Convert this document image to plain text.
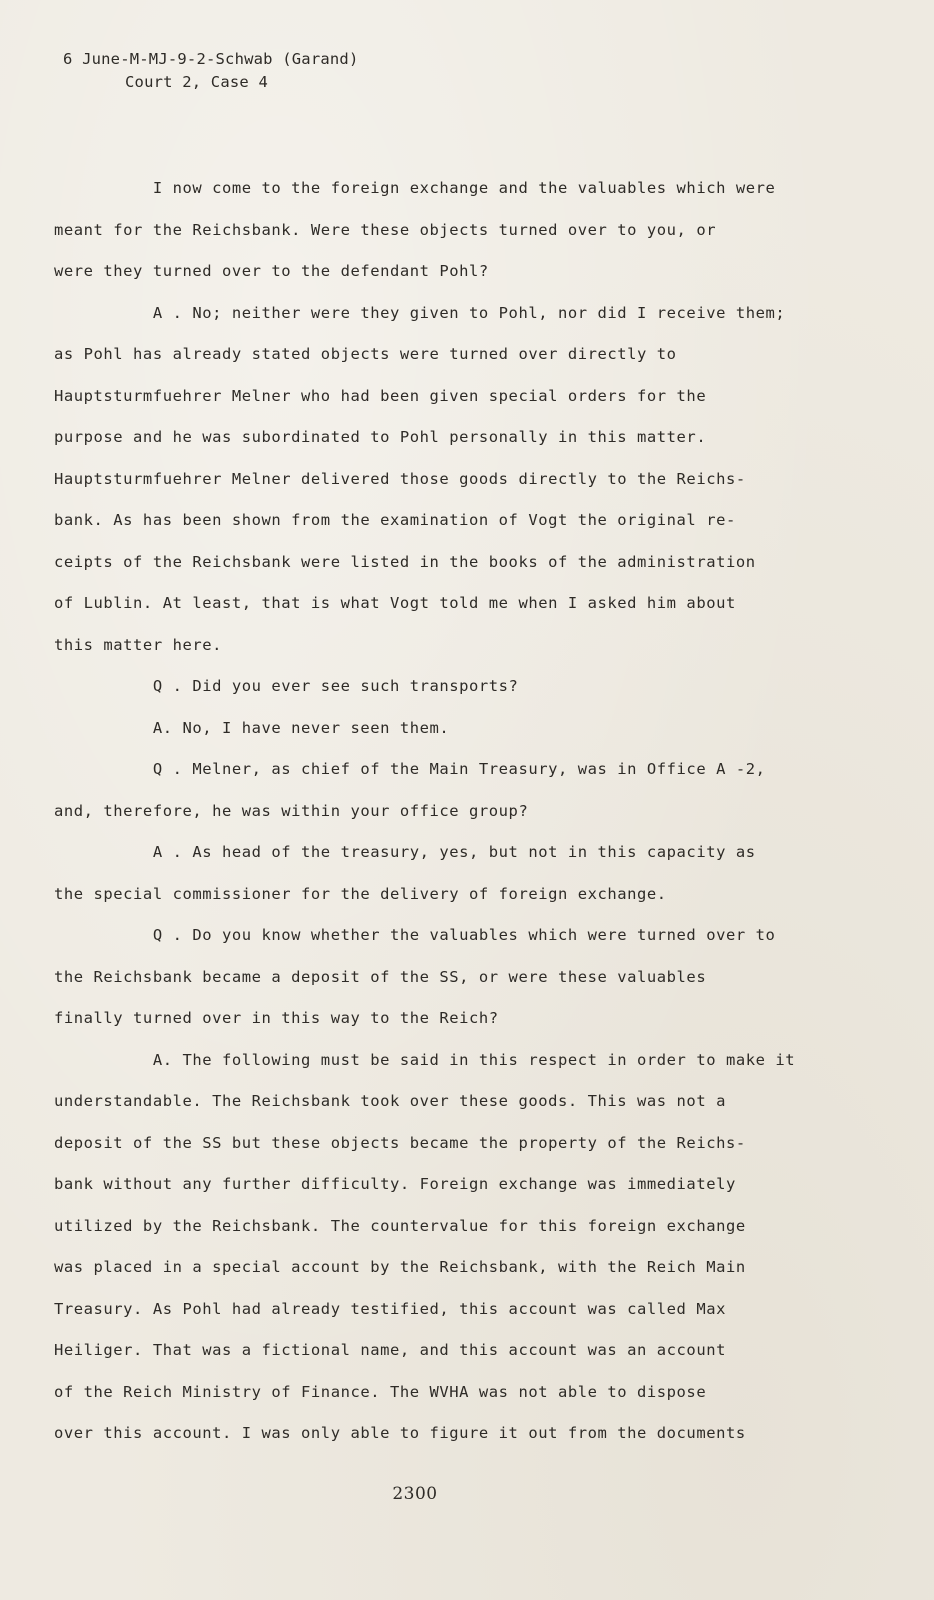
6 June-M-MJ-9-2-Schwab (Garand)
Court 2, Case 4
I now come to the foreign exchange and the valuables which were
meant for the Reichsbank. Were these objects turned over to you, or
were they turned over to the defendant Pohl?
A . No; neither were they given to Pohl, nor did I receive them;
as Pohl has already stated objects were turned over directly to
Hauptsturmfuehrer Melner who had been given special orders for the
purpose and he was subordinated to Pohl personally in this matter.
Hauptsturmfuehrer Melner delivered those goods directly to the Reichs-
bank. As has been shown from the examination of Vogt the original re-
ceipts of the Reichsbank were listed in the books of the administration
of Lublin. At least, that is what Vogt told me when I asked him about
this matter here.
Q . Did you ever see such transports?
A. No, I have never seen them.
Q . Melner, as chief of the Main Treasury, was in Office A -2,
and, therefore, he was within your office group?
A . As head of the treasury, yes, but not in this capacity as
the special commissioner for the delivery of foreign exchange.
Q . Do you know whether the valuables which were turned over to
the Reichsbank became a deposit of the SS, or were these valuables
finally turned over in this way to the Reich?
A. The following must be said in this respect in order to make it
understandable. The Reichsbank took over these goods. This was not a
deposit of the SS but these objects became the property of the Reichs-
bank without any further difficulty. Foreign exchange was immediately
utilized by the Reichsbank. The countervalue for this foreign exchange
was placed in a special account by the Reichsbank, with the Reich Main
Treasury. As Pohl had already testified, this account was called Max
Heiliger. That was a fictional name, and this account was an account
of the Reich Ministry of Finance. The WVHA was not able to dispose
over this account. I was only able to figure it out from the documents
2300
